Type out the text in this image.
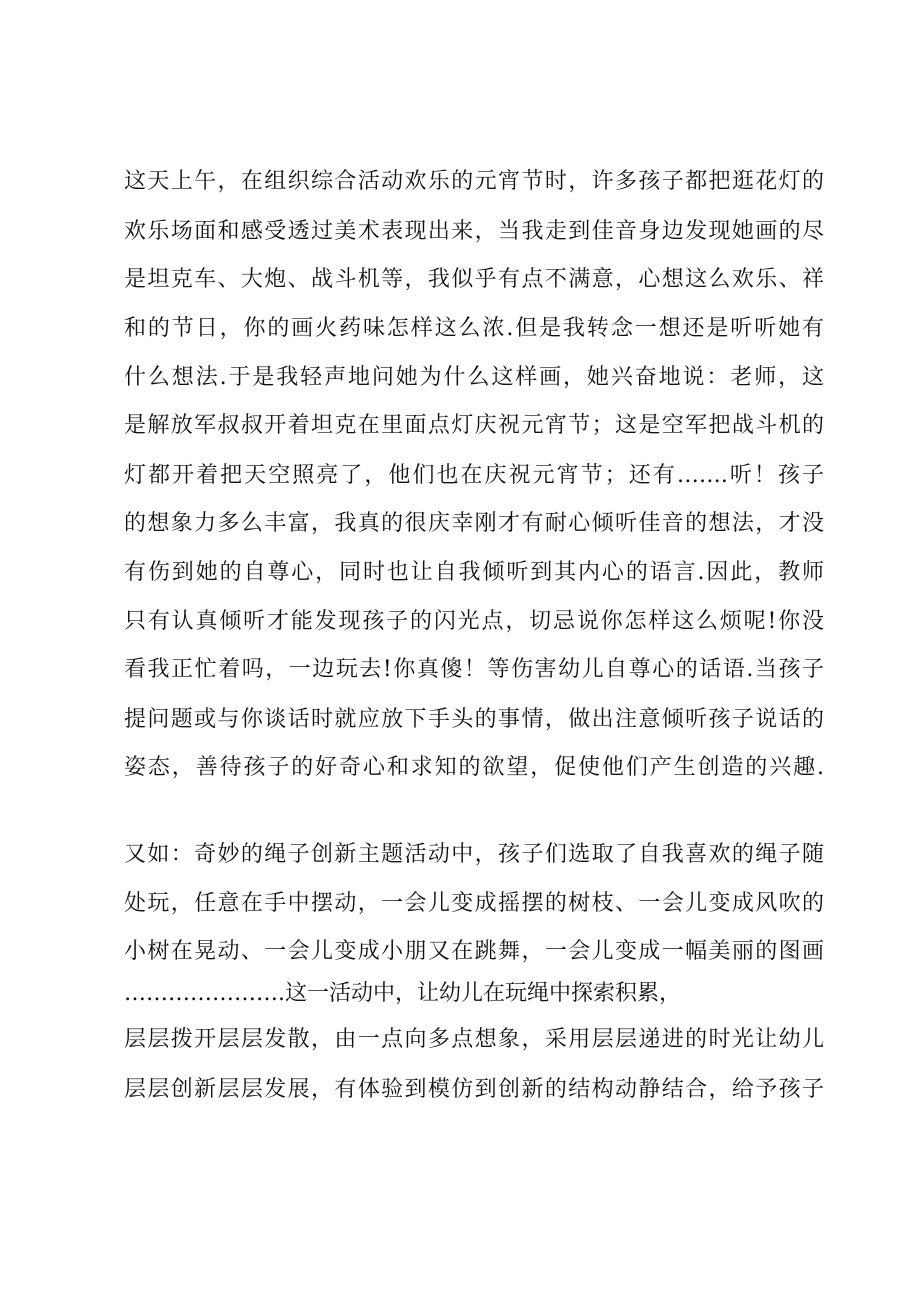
这天上午，在组织综合活动欢乐的元宵节时，许多孩子都把逛花灯的
欢乐场面和感受透过美术表现出来，当我走到佳音身边发现她画的尽
是坦克车、大炮、战斗机等，我似乎有点不满意，心想这么欢乐、祥
和的节日，你的画火药味怎样这么浓.但是我转念一想还是听听她有
什么想法.于是我轻声地问她为什么这样画，她兴奋地说：老师，这
是解放军叔叔开着坦克在里面点灯庆祝元宵节；这是空军把战斗机的
灯都开着把天空照亮了，他们也在庆祝元宵节；还有…….听！孩子
的想象力多么丰富，我真的很庆幸刚才有耐心倾听佳音的想法，才没
有伤到她的自尊心，同时也让自我倾听到其内心的语言.因此，教师
只有认真倾听才能发现孩子的闪光点，切忌说你怎样这么烦呢!你没
看我正忙着吗，一边玩去!你真傻！等伤害幼儿自尊心的话语.当孩子
提问题或与你谈话时就应放下手头的事情，做出注意倾听孩子说话的
姿态，善待孩子的好奇心和求知的欲望，促使他们产生创造的兴趣.
又如：奇妙的绳子创新主题活动中，孩子们选取了自我喜欢的绳子随
处玩，任意在手中摆动，一会儿变成摇摆的树枝、一会儿变成风吹的
小树在晃动、一会儿变成小朋又在跳舞，一会儿变成一幅美丽的图画
………………….这一活动中，让幼儿在玩绳中探索积累，
层层拨开层层发散，由一点向多点想象，采用层层递进的时光让幼儿
层层创新层层发展，有体验到模仿到创新的结构动静结合，给予孩子
